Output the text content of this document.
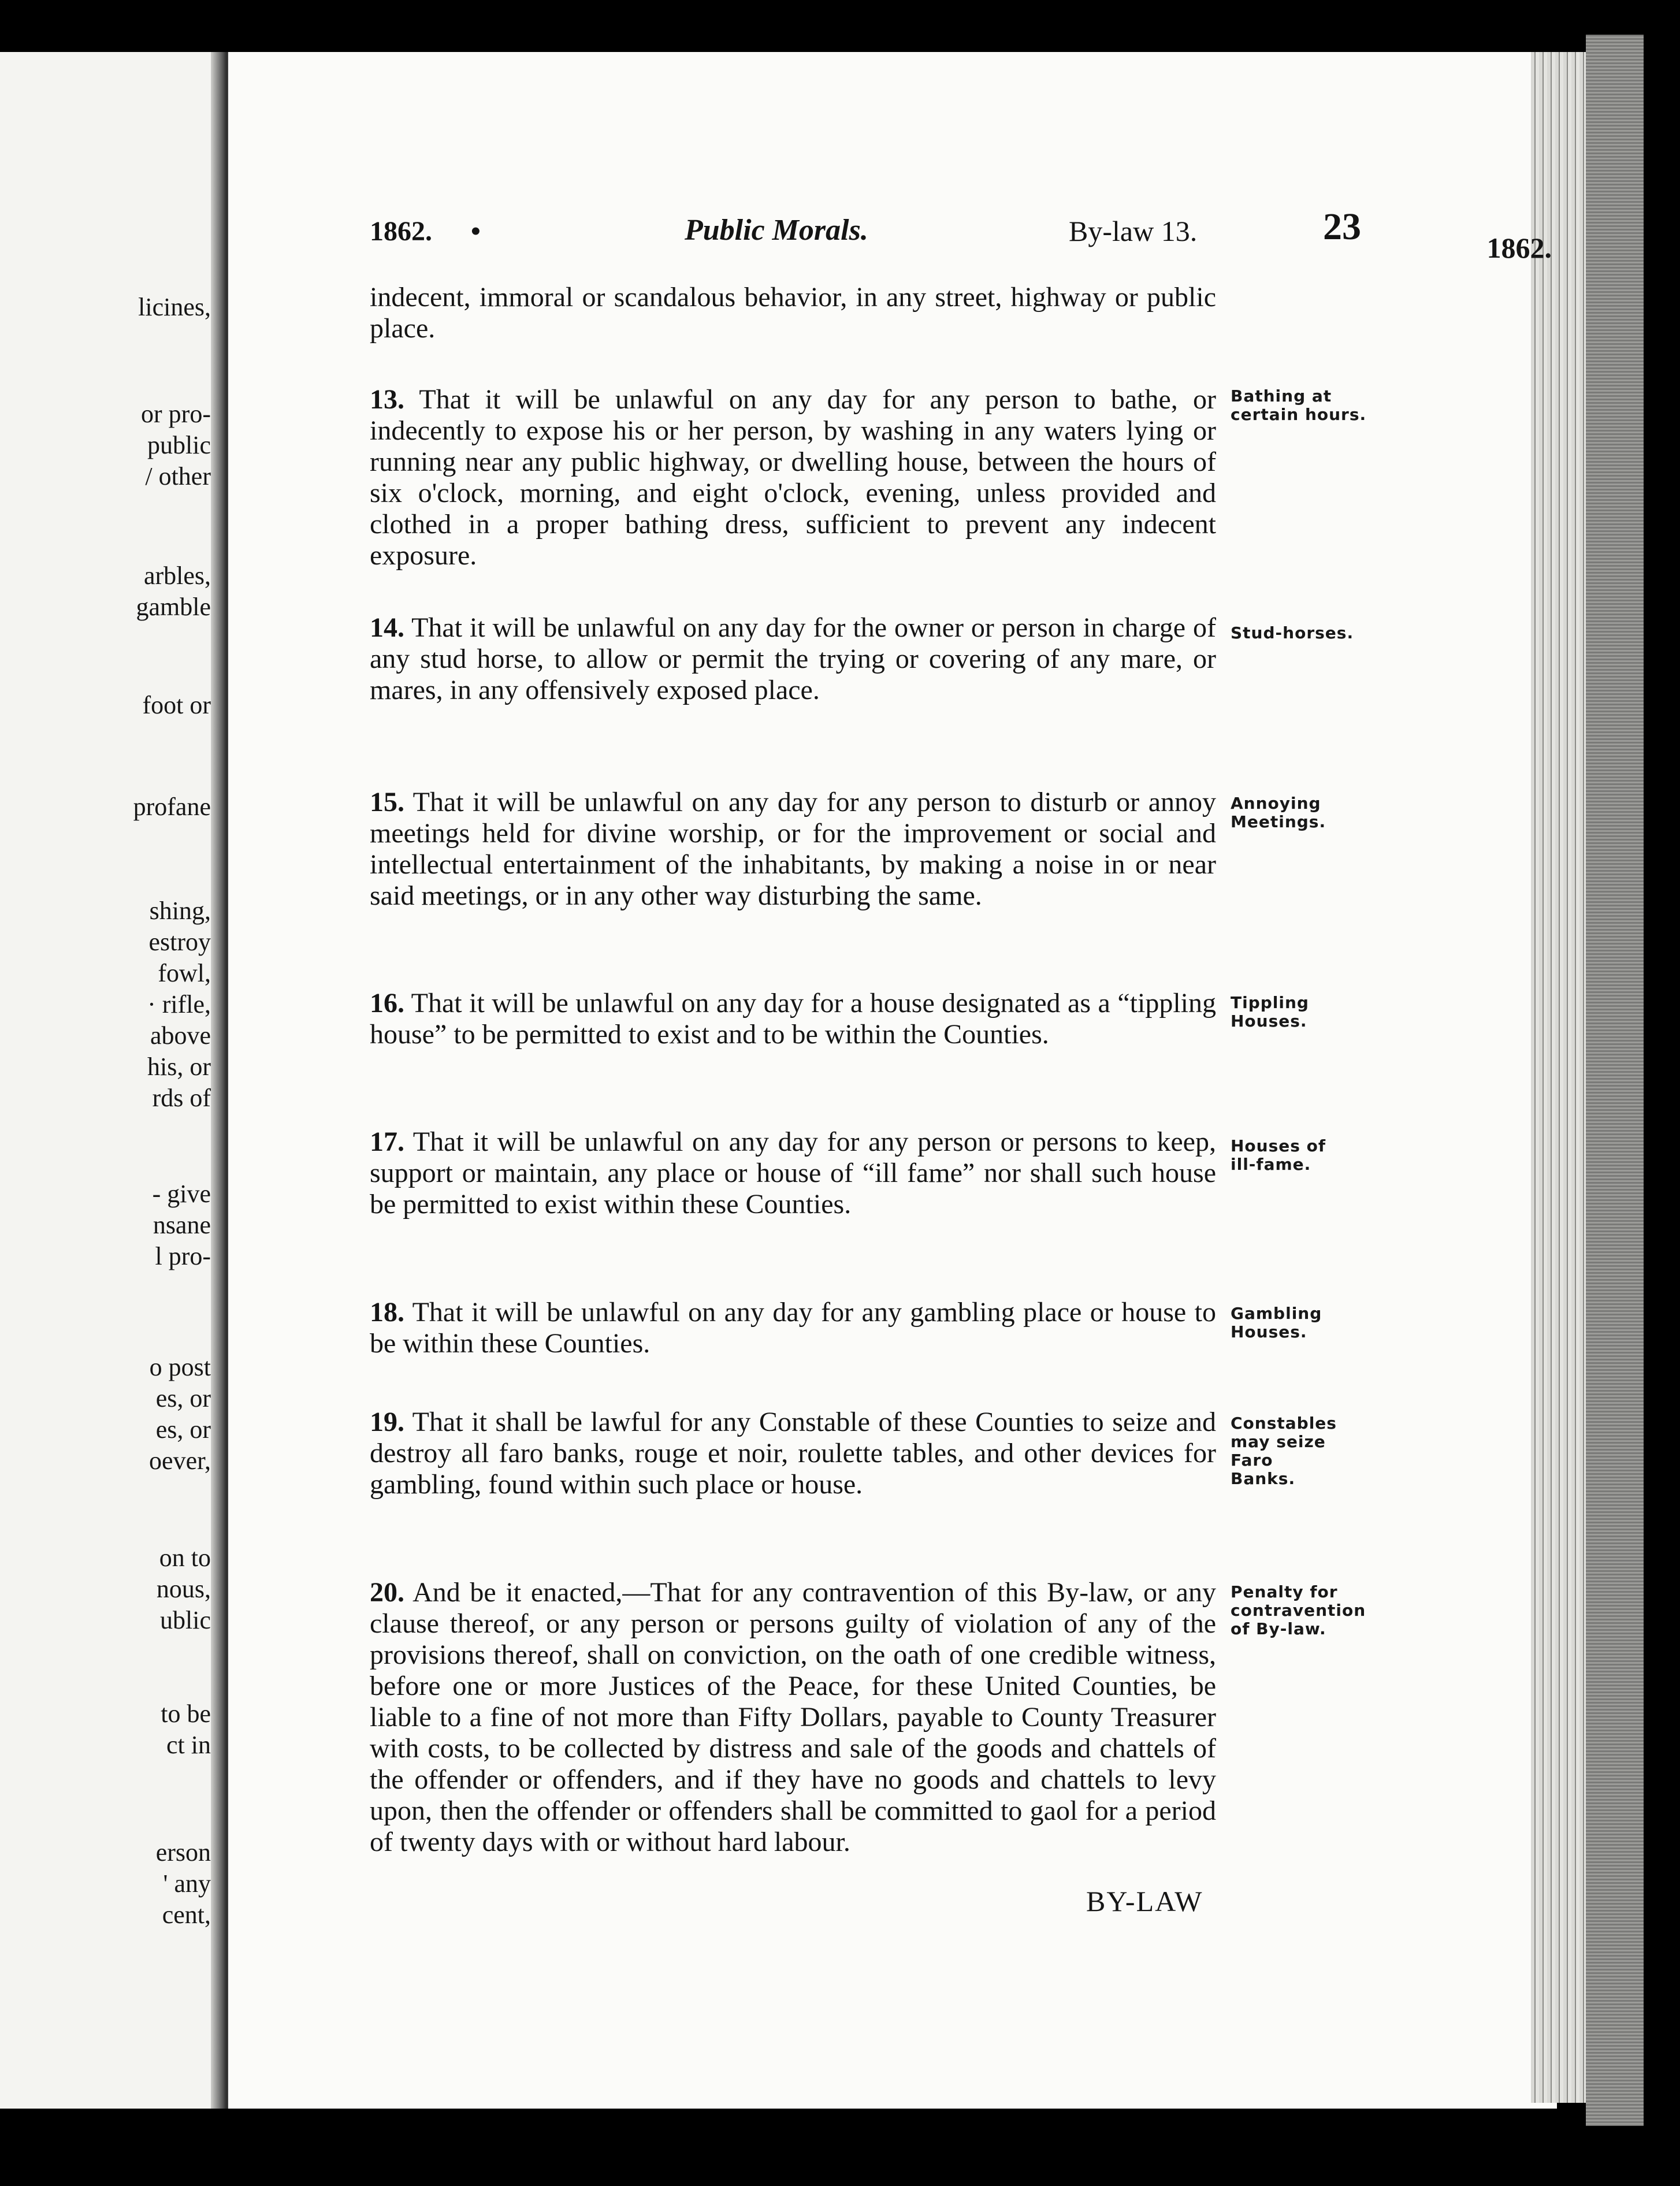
1862.
licines,
or pro-
public
/ other
arbles,
gamble
foot or
profane
shing,
estroy
fowl,
· rifle,
above
his, or
rds of
- give
nsane
l pro-
o post
es, or
es, or
oever,
on to
nous,
ublic
to be
ct in
erson
' any
cent,
1862. •	Public Morals.	By-law 13.	23
indecent, immoral or scandalous behavior, in any street, highway or public place.
13. That it will be unlawful on any day for any person to bathe, or indecently to expose his or her person, by washing in any waters lying or running near any public highway, or dwelling house, between the hours of six o'clock, morning, and eight o'clock, evening, unless provided and clothed in a proper bathing dress, sufficient to prevent any indecent exposure.
Bathing at certain hours.
14. That it will be unlawful on any day for the owner or person in charge of any stud horse, to allow or permit the trying or covering of any mare, or mares, in any offensively exposed place.
Stud-horses.
15. That it will be unlawful on any day for any person to disturb or annoy meetings held for divine worship, or for the improvement or social and intellectual entertainment of the inhabitants, by making a noise in or near said meetings, or in any other way disturbing the same.
Annoying Meetings.
16. That it will be unlawful on any day for a house designated as a “tippling house” to be permitted to exist and to be within the Counties.
Tippling Houses.
17. That it will be unlawful on any day for any person or persons to keep, support or maintain, any place or house of “ill fame” nor shall such house be permitted to exist within these Counties.
Houses of ill-fame.
18. That it will be unlawful on any day for any gambling place or house to be within these Counties.
Gambling Houses.
19. That it shall be lawful for any Constable of these Counties to seize and destroy all faro banks, rouge et noir, roulette tables, and other devices for gambling, found within such place or house.
Constables may seize Faro Banks.
20. And be it enacted,—That for any contravention of this By-law, or any clause thereof, or any person or persons guilty of violation of any of the provisions thereof, shall on conviction, on the oath of one credible witness, before one or more Justices of the Peace, for these United Counties, be liable to a fine of not more than Fifty Dollars, payable to County Treasurer with costs, to be collected by distress and sale of the goods and chattels of the offender or offenders, and if they have no goods and chattels to levy upon, then the offender or offenders shall be committed to gaol for a period of twenty days with or without hard labour.
Penalty for contravention of By-law.
BY-LAW
